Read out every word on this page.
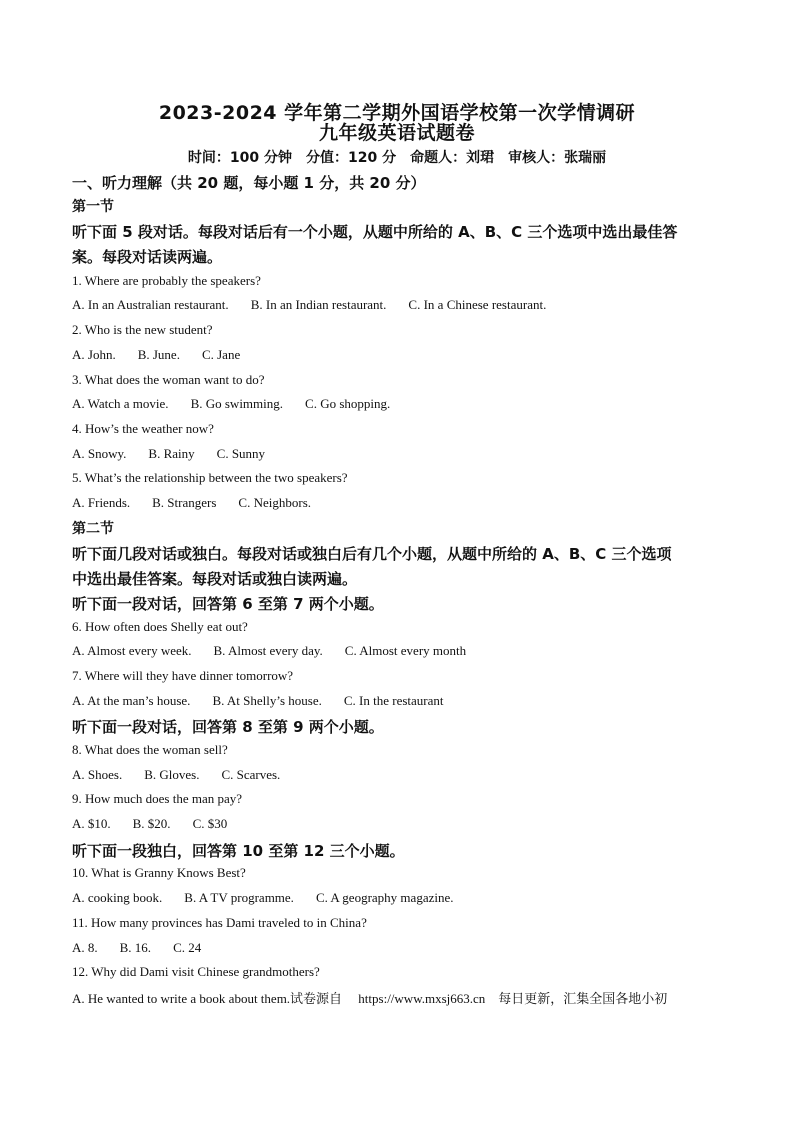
2023-2024 学年第二学期外国语学校第一次学情调研
九年级英语试题卷
时间：100 分钟　分值：120 分　命题人：刘珺　审核人：张瑞丽
一、听力理解（共 20 题，每小题 1 分，共 20 分）
第一节
听下面 5 段对话。每段对话后有一个小题，从题中所给的 A、B、C 三个选项中选出最佳答
案。每段对话读两遍。
1. Where are probably the speakers?
A. In an Australian restaurant. B. In an Indian restaurant. C. In a Chinese restaurant.
2. Who is the new student?
A. John. B. June. C. Jane
3. What does the woman want to do?
A. Watch a movie. B. Go swimming. C. Go shopping.
4. How’s the weather now?
A. Snowy. B. Rainy C. Sunny
5. What’s the relationship between the two speakers?
A. Friends. B. Strangers C. Neighbors.
第二节
听下面几段对话或独白。每段对话或独白后有几个小题，从题中所给的 A、B、C 三个选项
中选出最佳答案。每段对话或独白读两遍。
听下面一段对话，回答第 6 至第 7 两个小题。
6. How often does Shelly eat out?
A. Almost every week. B. Almost every day. C. Almost every month
7. Where will they have dinner tomorrow?
A. At the man’s house. B. At Shelly’s house. C. In the restaurant
听下面一段对话，回答第 8 至第 9 两个小题。
8. What does the woman sell?
A. Shoes. B. Gloves. C. Scarves.
9. How much does the man pay?
A. $10. B. $20. C. $30
听下面一段独白，回答第 10 至第 12 三个小题。
10. What is Granny Knows Best?
A. cooking book. B. A TV programme. C. A geography magazine.
11. How many provinces has Dami traveled to in China?
A. 8. B. 16. C. 24
12. Why did Dami visit Chinese grandmothers?
A. He wanted to write a book about them.试卷源自　 https://www.mxsj663.cn　每日更新，汇集全国各地小初
